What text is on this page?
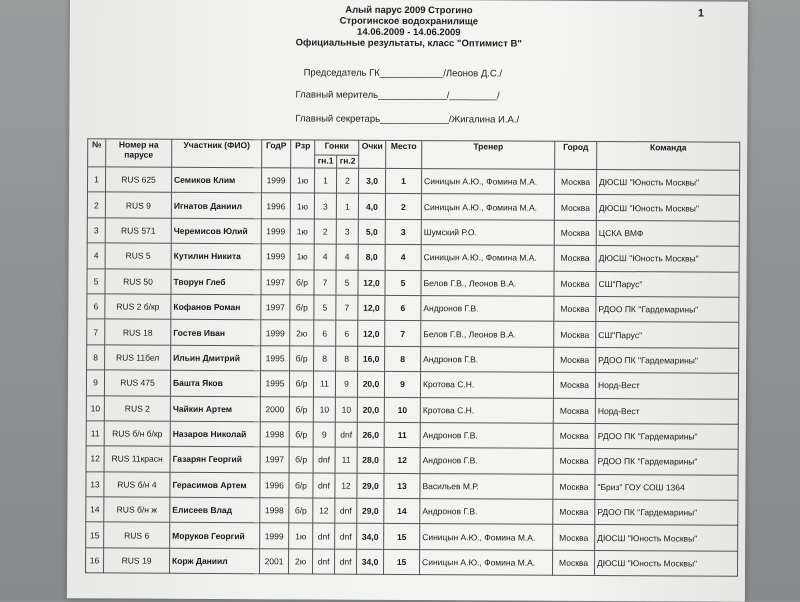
1
Алый парус 2009 Строгино
Строгинское водохранилище
14.06.2009 - 14.06.2009
Официальные результаты, класс "Оптимист В"
Председатель ГК____________/Леонов Д.С./
Главный меритель_____________/_________/
Главный секретарь_____________/Жигалина И.А./
№	Номер на парусе	Участник (ФИО)	ГодР	Рзр	Гонки		Очки	Место	Тренер	Город	Команда
					гн.1	гн.2					
1	RUS 625	Семиков Клим	1999	1ю	1	2	3,0	1	Синицын А.Ю., Фомина М.А.	Москва	ДЮСШ "Юность Москвы"
2	RUS 9	Игнатов Даниил	1996	1ю	3	1	4,0	2	Синицын А.Ю., Фомина М.А.	Москва	ДЮСШ "Юность Москвы"
3	RUS 571	Черемисов Юлий	1999	1ю	2	3	5,0	3	Шумский Р.О.	Москва	ЦСКА ВМФ
4	RUS 5	Кутилин Никита	1999	1ю	4	4	8,0	4	Синицын А.Ю., Фомина М.А.	Москва	ДЮСШ "Юность Москвы"
5	RUS 50	Творун Глеб	1997	б/р	7	5	12,0	5	Белов Г.В., Леонов В.А.	Москва	СШ"Парус"
6	RUS 2 б/кр	Кофанов Роман	1997	б/р	5	7	12,0	6	Андронов Г.В.	Москва	РДОО ПК "Гардемарины"
7	RUS 18	Гостев Иван	1999	2ю	6	6	12,0	7	Белов Г.В., Леонов В.А.	Москва	СШ"Парус"
8	RUS 11бел	Ильин Дмитрий	1995	б/р	8	8	16,0	8	Андронов Г.В.	Москва	РДОО ПК "Гардемарины"
9	RUS 475	Башта Яков	1995	б/р	11	9	20,0	9	Кротова С.Н.	Москва	Норд-Вест
10	RUS 2	Чайкин Артем	2000	б/р	10	10	20,0	10	Кротова С.Н.	Москва	Норд-Вест
11	RUS б/н б/кр	Назаров Николай	1998	б/р	9	dnf	26,0	11	Андронов Г.В.	Москва	РДОО ПК "Гардемарины"
12	RUS 11красн	Газарян Георгий	1997	б/р	dnf	11	28,0	12	Андронов Г.В.	Москва	РДОО ПК "Гардемарины"
13	RUS б/н 4	Герасимов Артем	1996	б/р	dnf	12	29,0	13	Васильев М.Р.	Москва	"Бриз" ГОУ СОШ 1364
14	RUS б/н ж	Елисеев Влад	1998	б/р	12	dnf	29,0	14	Андронов Г.В.	Москва	РДОО ПК "Гардемарины"
15	RUS 6	Моруков Георгий	1999	1ю	dnf	dnf	34,0	15	Синицын А.Ю., Фомина М.А.	Москва	ДЮСШ "Юность Москвы"
16	RUS 19	Корж Даниил	2001	2ю	dnf	dnf	34,0	15	Синицын А.Ю., Фомина М.А.	Москва	ДЮСШ "Юность Москвы"
